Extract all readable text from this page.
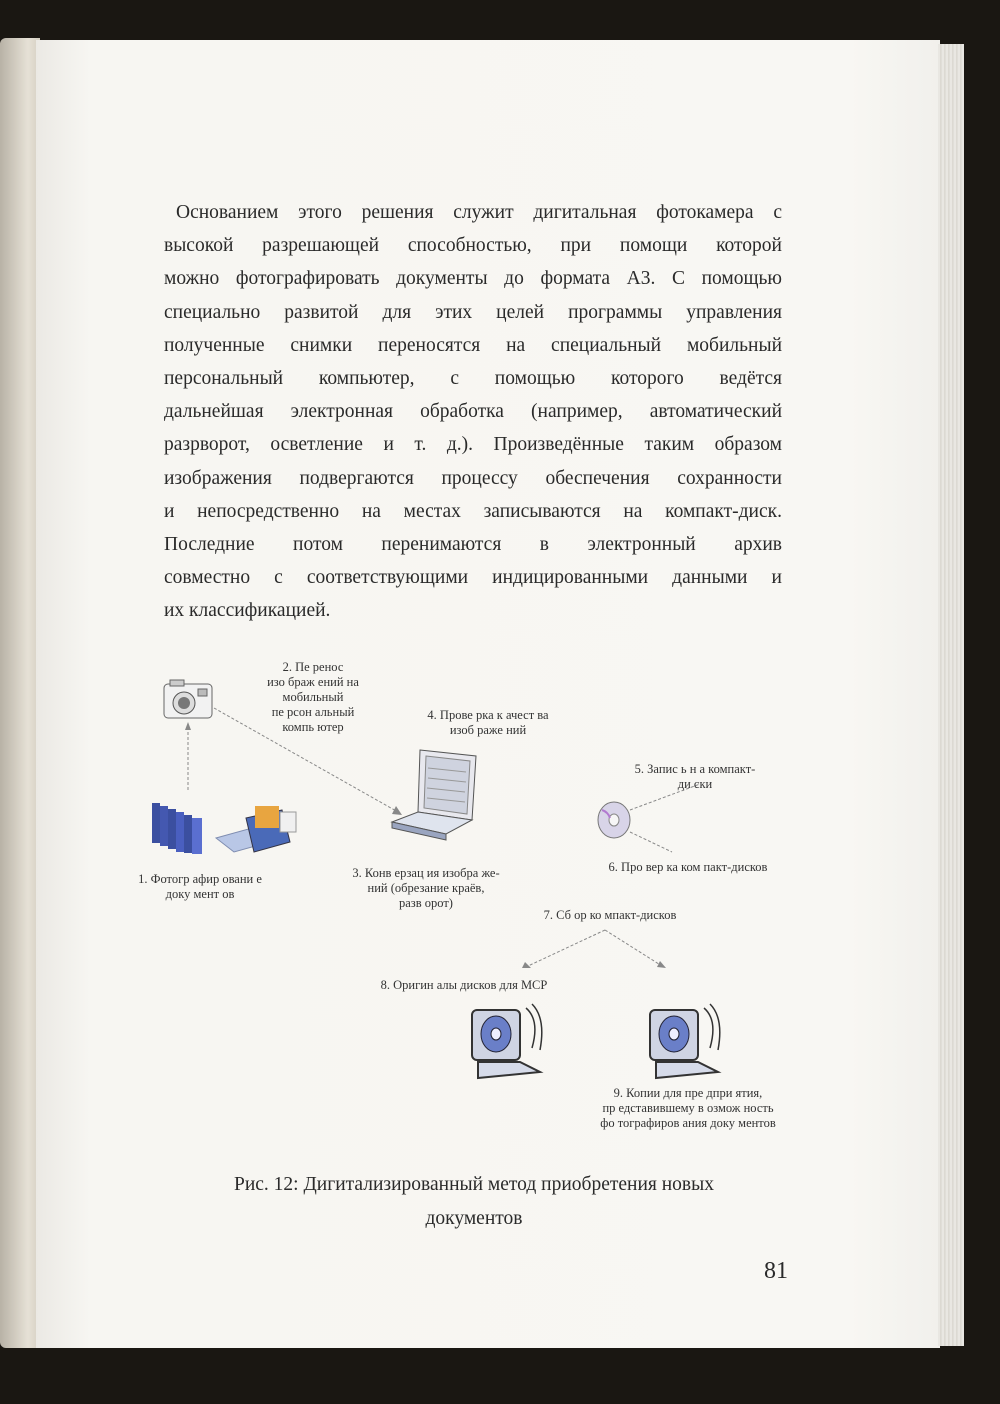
Основанием этого решения служит дигитальная фотокамера с
высокой разрешающей способностью, при помощи которой
можно фотографировать документы до формата А3. С помощью
специально развитой для этих целей программы управления
полученные снимки переносятся на специальный мобильный
персональный компьютер, с помощью которого ведётся
дальнейшая электронная обработка (например, автоматический
разрворот, осветление и т. д.). Произведённые таким образом
изображения подвергаются процессу обеспечения сохранности
и непосредственно на местах записываются на компакт-диск.
Последние потом перенимаются в электронный архив
совместно с соответствующими индицированными данными и
их классификацией.
2. Пе ренос
изо браж ений на
мобильный
пе рсон альный
компь ютер
4. Прове рка к ачест ва
изоб раже ний
5. Запис ь н а компакт-
ди ски
1. Фотогр афир овани е
доку мент ов
3. Конв ерзац ия изобра же-
ний (обрезание краёв,
разв орот)
6. Про вер ка ком пакт-дисков
7. Сб ор ко мпакт-дисков
8. Оригин алы дисков для МСР
9. Копии для пре дпри ятия,
пр едставившему в озмож ность
фо тографиров ания доку ментов
Рис. 12: Дигитализированный метод приобретения новых
документов
81
